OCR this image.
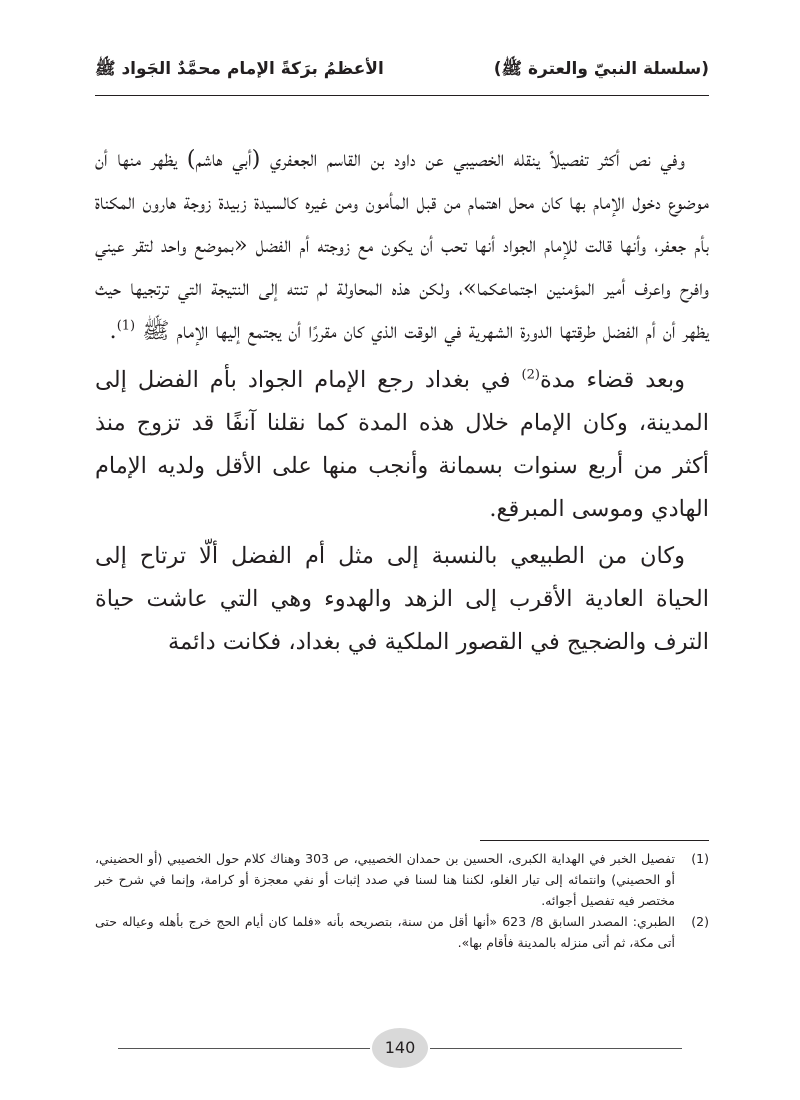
(سلسلة النبيّ والعترة ﷺ)
الأعظمُ برَكةً الإمام محمَّدٌ الجَواد ﷺ

وفي نص أكثر تفصيلاً ينقله الخصيبي عن داود بن القاسم الجعفري (أبي هاشم) يظهر منها أن موضوع دخول الإمام بها كان محل اهتمام من قبل المأمون ومن غيره كالسيدة زبيدة زوجة هارون المكناة بأم جعفر، وأنها قالت للإمام الجواد أنها تحب أن يكون مع زوجته أم الفضل «بموضع واحد لتقر عيني وافرح واعرف أمير المؤمنين اجتماعكما»، ولكن هذه المحاولة لم تنته إلى النتيجة التي ترتجيها حيث يظهر أن أم الفضل طرقتها الدورة الشهرية في الوقت الذي كان مقررًا أن يجتمع إليها الإمام ﷺ $^{(1)}$.

وبعد قضاء مدة$^{(2)}$ في بغداد رجع الإمام الجواد بأم الفضل إلى المدينة، وكان الإمام خلال هذه المدة كما نقلنا آنفًا قد تزوج منذ أكثر من أربع سنوات بسمانة وأنجب منها على الأقل ولديه الإمام الهادي وموسى المبرقع.

وكان من الطبيعي بالنسبة إلى مثل أم الفضل ألّا ترتاح إلى الحياة العادية الأقرب إلى الزهد والهدوء وهي التي عاشت حياة الترف والضجيج في القصور الملكية في بغداد، فكانت دائمة

(1)
تفصيل الخبر في الهداية الكبرى، الحسين بن حمدان الخصيبي، ص 303 وهناك كلام حول الخصيبي (أو الحضيني، أو الحصيني) وانتمائه إلى تيار الغلو، لكننا هنا لسنا في صدد إثبات أو نفي معجزة أو كرامة، وإنما في شرح خبر مختصر فيه تفصيل أجوائه.
(2)
الطبري: المصدر السابق 8/ 623 «أنها أقل من سنة، بتصريحه بأنه «فلما كان أيام الحج خرج بأهله وعياله حتى أتى مكة، ثم أتى منزله بالمدينة فأقام بها».
140
